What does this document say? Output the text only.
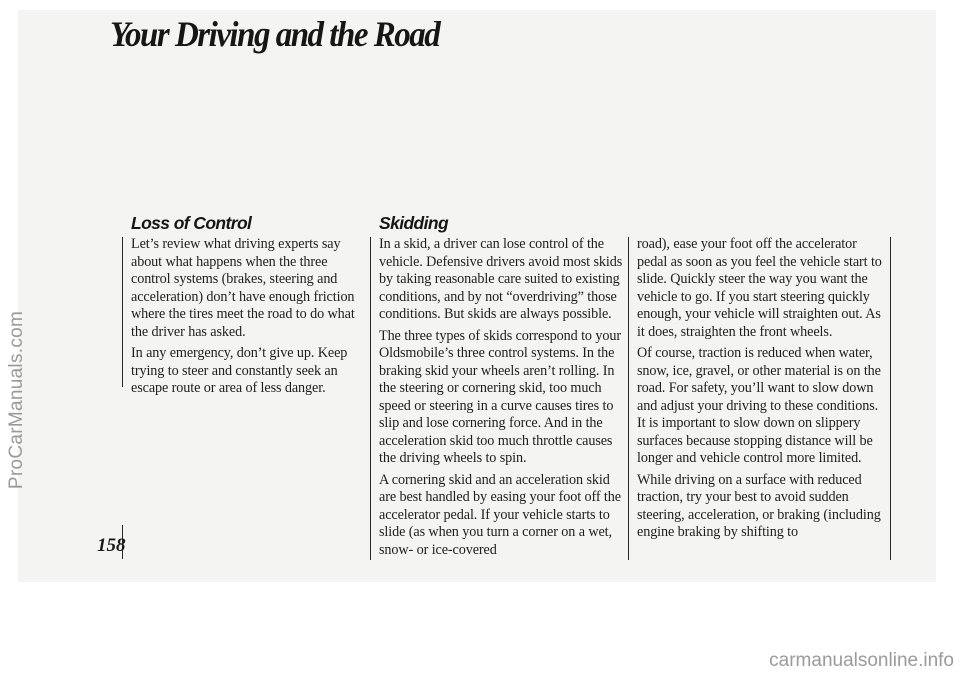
Your Driving and the Road
ProCarManuals.com
Loss of Control

Let’s review what driving experts say about what happens when the three control systems (brakes, steering and acceleration) don’t have enough friction where the tires meet the road to do what the driver has asked.

In any emergency, don’t give up. Keep trying to steer and constantly seek an escape route or area of less danger.

Skidding

In a skid, a driver can lose control of the vehicle. Defensive drivers avoid most skids by taking reasonable care suited to existing conditions, and by not “overdriving” those conditions. But skids are always possible.

The three types of skids correspond to your Oldsmobile’s three control systems. In the braking skid your wheels aren’t rolling. In the steering or cornering skid, too much speed or steering in a curve causes tires to slip and lose cornering force. And in the acceleration skid too much throttle causes the driving wheels to spin.

A cornering skid and an acceleration skid are best handled by easing your foot off the accelerator pedal. If your vehicle starts to slide (as when you turn a corner on a wet, snow- or ice-covered

road), ease your foot off the accelerator pedal as soon as you feel the vehicle start to slide. Quickly steer the way you want the vehicle to go. If you start steering quickly enough, your vehicle will straighten out. As it does, straighten the front wheels.

Of course, traction is reduced when water, snow, ice, gravel, or other material is on the road. For safety, you’ll want to slow down and adjust your driving to these conditions. It is important to slow down on slippery surfaces because stopping distance will be longer and vehicle control more limited.

While driving on a surface with reduced traction, try your best to avoid sudden steering, acceleration, or braking (including engine braking by shifting to

158
carmanualsonline.info
